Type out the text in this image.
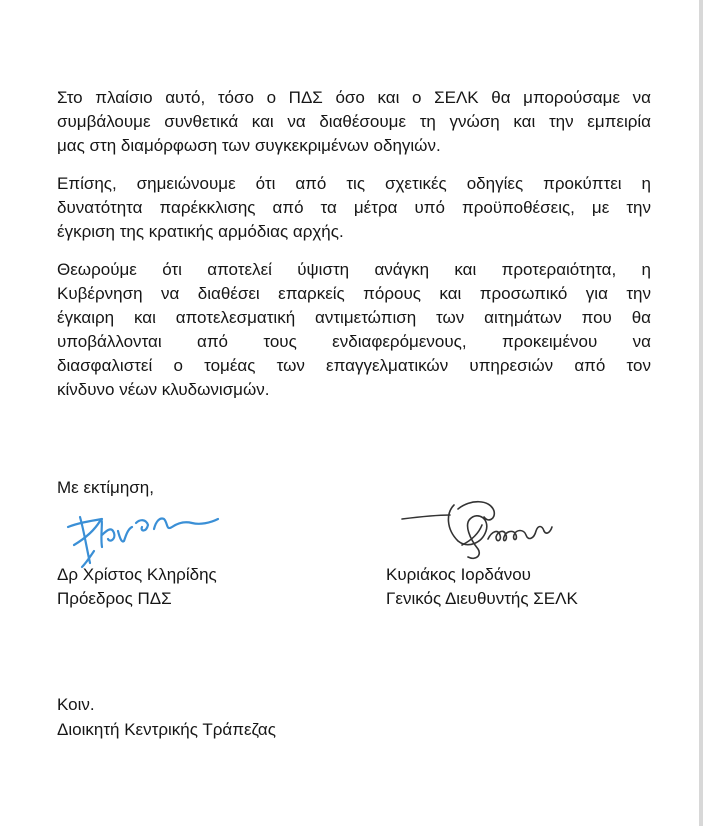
Στο πλαίσιο αυτό, τόσο ο ΠΔΣ όσο και ο ΣΕΛΚ θα μπορούσαμε να
συμβάλουμε συνθετικά και να διαθέσουμε τη γνώση και την εμπειρία
μας στη διαμόρφωση των συγκεκριμένων οδηγιών.
Επίσης, σημειώνουμε ότι από τις σχετικές οδηγίες προκύπτει η
δυνατότητα παρέκκλισης από τα μέτρα υπό προϋποθέσεις, με την
έγκριση της κρατικής αρμόδιας αρχής.
Θεωρούμε ότι αποτελεί ύψιστη ανάγκη και προτεραιότητα, η
Κυβέρνηση να διαθέσει επαρκείς πόρους και προσωπικό για την
έγκαιρη και αποτελεσματική αντιμετώπιση των αιτημάτων που θα
υποβάλλονται από τους ενδιαφερόμενους, προκειμένου να
διασφαλιστεί ο τομέας των επαγγελματικών υπηρεσιών από τον
κίνδυνο νέων κλυδωνισμών.
Με εκτίμηση,
Δρ Χρίστος Κληρίδης
Πρόεδρος ΠΔΣ
Κυριάκος Ιορδάνου
Γενικός Διευθυντής ΣΕΛΚ
Κοιν.
Διοικητή Κεντρικής Τράπεζας
